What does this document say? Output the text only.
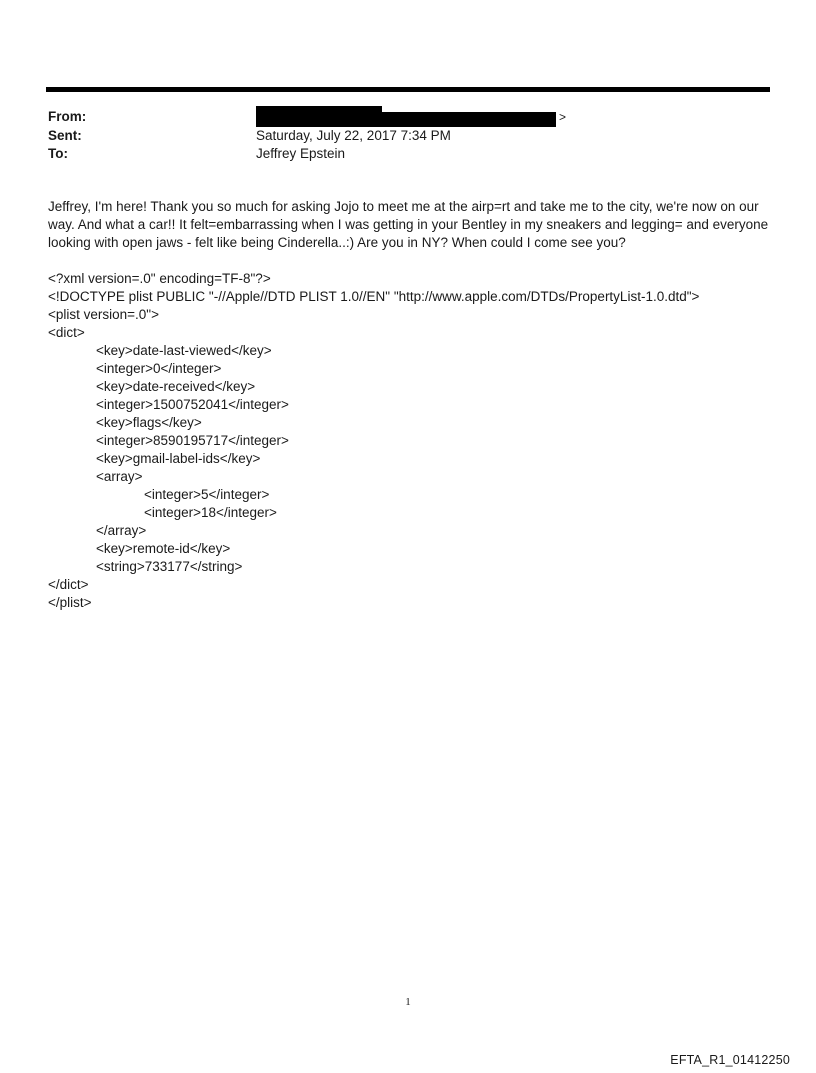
From:	>
Sent:	Saturday, July 22, 2017 7:34 PM
To:	Jeffrey Epstein

Jeffrey, I'm here! Thank you so much for asking Jojo to meet me at the airp=rt and take me to the city, we're now on our way. And what a car!! It felt=embarrassing when I was getting in your Bentley in my sneakers and legging= and everyone looking with open jaws - felt like being Cinderella..:) Are you in NY? When could I come see you?

<?xml version=.0" encoding=TF-8"?>
<!DOCTYPE plist PUBLIC "-//Apple//DTD PLIST 1.0//EN" "http://www.apple.com/DTDs/PropertyList-1.0.dtd">
<plist version=.0">
<dict>
<key>date-last-viewed</key>
<integer>0</integer>
<key>date-received</key>
<integer>1500752041</integer>
<key>flags</key>
<integer>8590195717</integer>
<key>gmail-label-ids</key>
<array>
<integer>5</integer>
<integer>18</integer>
</array>
<key>remote-id</key>
<string>733177</string>
</dict>
</plist>
1
EFTA_R1_01412250
